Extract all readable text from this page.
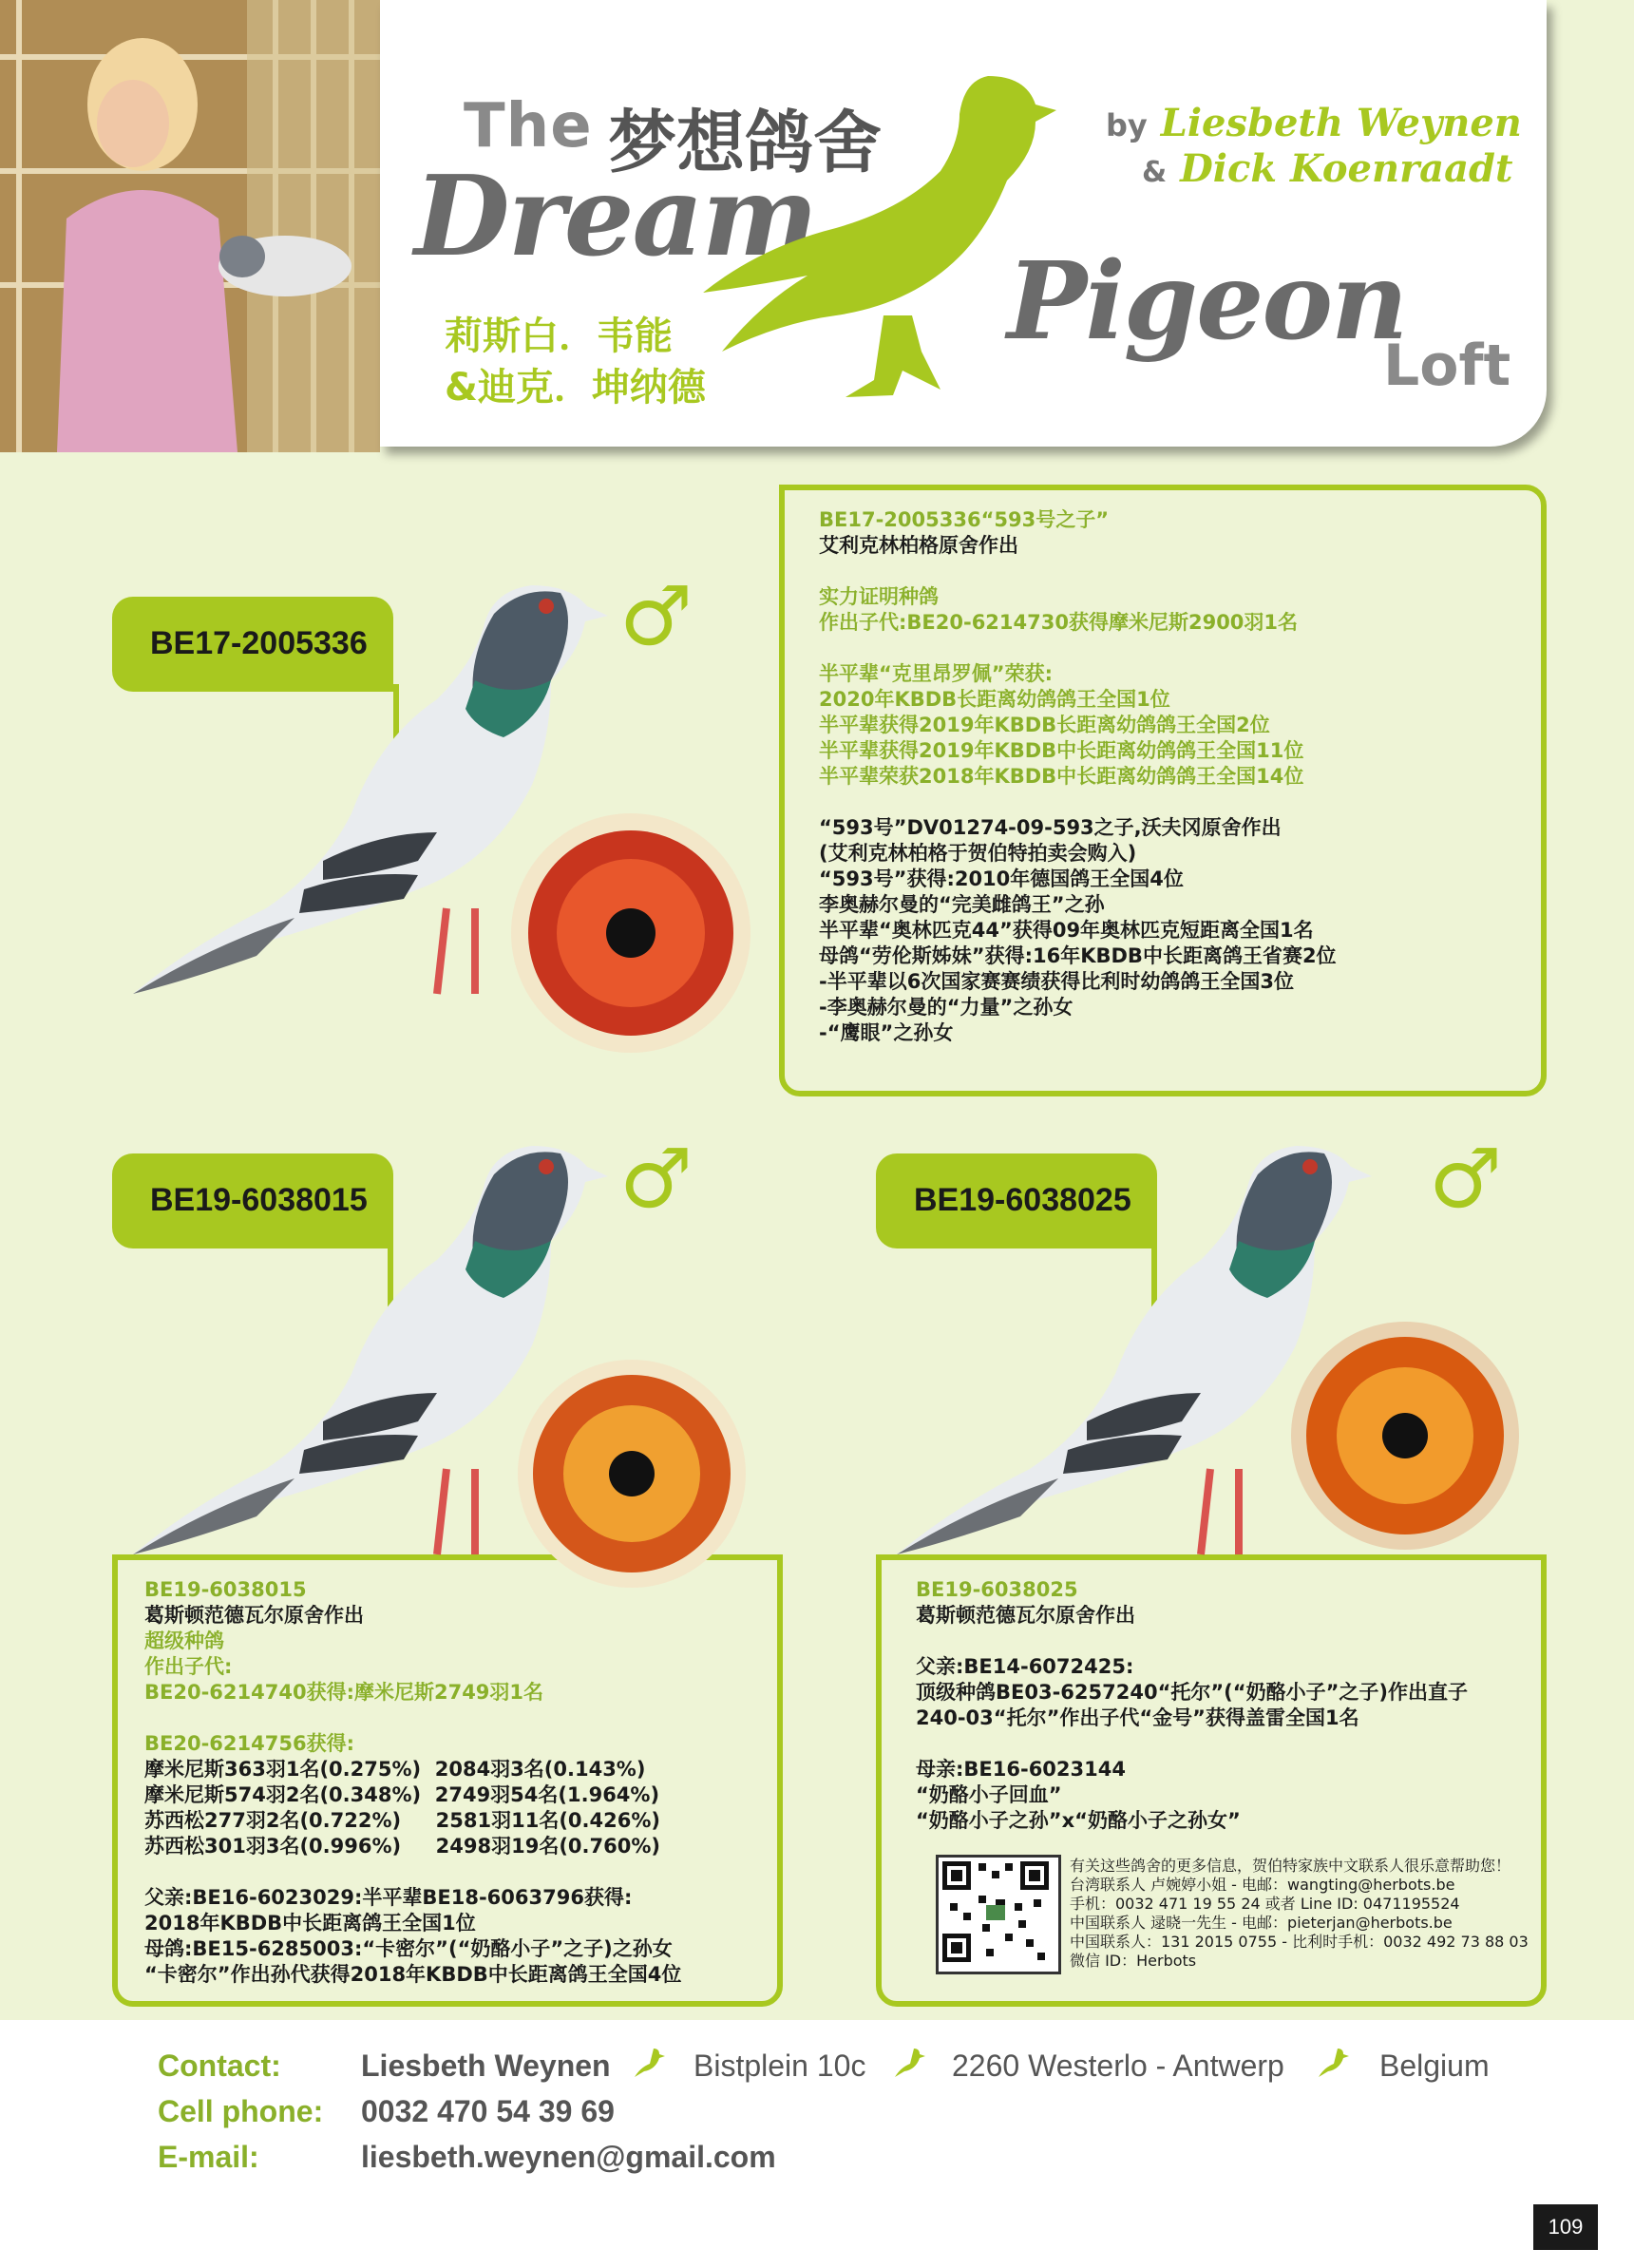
The 梦想鸽舍
Dream
Pigeon
Loft
by Liesbeth Weynen
& Dick Koenraadt
莉斯白．韦能
&迪克．坤纳德
BE17-2005336	♂
BE17-2005336“593号之子”
艾利克林柏格原舍作出

实力证明种鸽
作出子代:BE20-6214730获得摩米尼斯2900羽1名

半平辈“克里昂罗佩”荣获:
2020年KBDB长距离幼鸽鸽王全国1位
半平辈获得2019年KBDB长距离幼鸽鸽王全国2位
半平辈获得2019年KBDB中长距离幼鸽鸽王全国11位
半平辈荣获2018年KBDB中长距离幼鸽鸽王全国14位

“593号”DV01274-09-593之子,沃夫冈原舍作出
(艾利克林柏格于贺伯特拍卖会购入)
“593号”获得:2010年德国鸽王全国4位
李奥赫尔曼的“完美雌鸽王”之孙
半平辈“奥林匹克44”获得09年奥林匹克短距离全国1名
母鸽“劳伦斯姊妹”获得:16年KBDB中长距离鸽王省赛2位
-半平辈以6次国家赛赛绩获得比利时幼鸽鸽王全国3位
-李奥赫尔曼的“力量”之孙女
-“鹰眼”之孙女
BE19-6038015	♂
BE19-6038015
葛斯顿范德瓦尔原舍作出
超级种鸽
作出子代:
BE20-6214740获得:摩米尼斯2749羽1名

BE20-6214756获得:
摩米尼斯363羽1名(0.275%)  2084羽3名(0.143%)
摩米尼斯574羽2名(0.348%)  2749羽54名(1.964%)
苏西松277羽2名(0.722%)     2581羽11名(0.426%)
苏西松301羽3名(0.996%)     2498羽19名(0.760%)

父亲:BE16-6023029:半平辈BE18-6063796获得:
2018年KBDB中长距离鸽王全国1位
母鸽:BE15-6285003:“卡密尔”(“奶酪小子”之子)之孙女
“卡密尔”作出孙代获得2018年KBDB中长距离鸽王全国4位
BE19-6038025	♂
BE19-6038025
葛斯顿范德瓦尔原舍作出

父亲:BE14-6072425:
顶级种鸽BE03-6257240“托尔”(“奶酪小子”之子)作出直子
240-03“托尔”作出子代“金号”获得盖雷全国1名

母亲:BE16-6023144
“奶酪小子回血”
“奶酪小子之孙”x“奶酪小子之孙女”
有关这些鸽舍的更多信息，贺伯特家族中文联系人很乐意帮助您！
台湾联系人 卢婉婷小姐 - 电邮：wangting@herbots.be
手机：0032 471 19 55 24 或者 Line ID: 0471195524
中国联系人 逯晓一先生 - 电邮：pieterjan@herbots.be
中国联系人：131 2015 0755 - 比利时手机：0032 492 73 88 03
微信 ID：Herbots
Contact:	Liesbeth Weynen	Bistplein 10c	2260 Westerlo - Antwerp	Belgium
Cell phone: 0032 470 54 39 69
E-mail:	liesbeth.weynen@gmail.com
109
